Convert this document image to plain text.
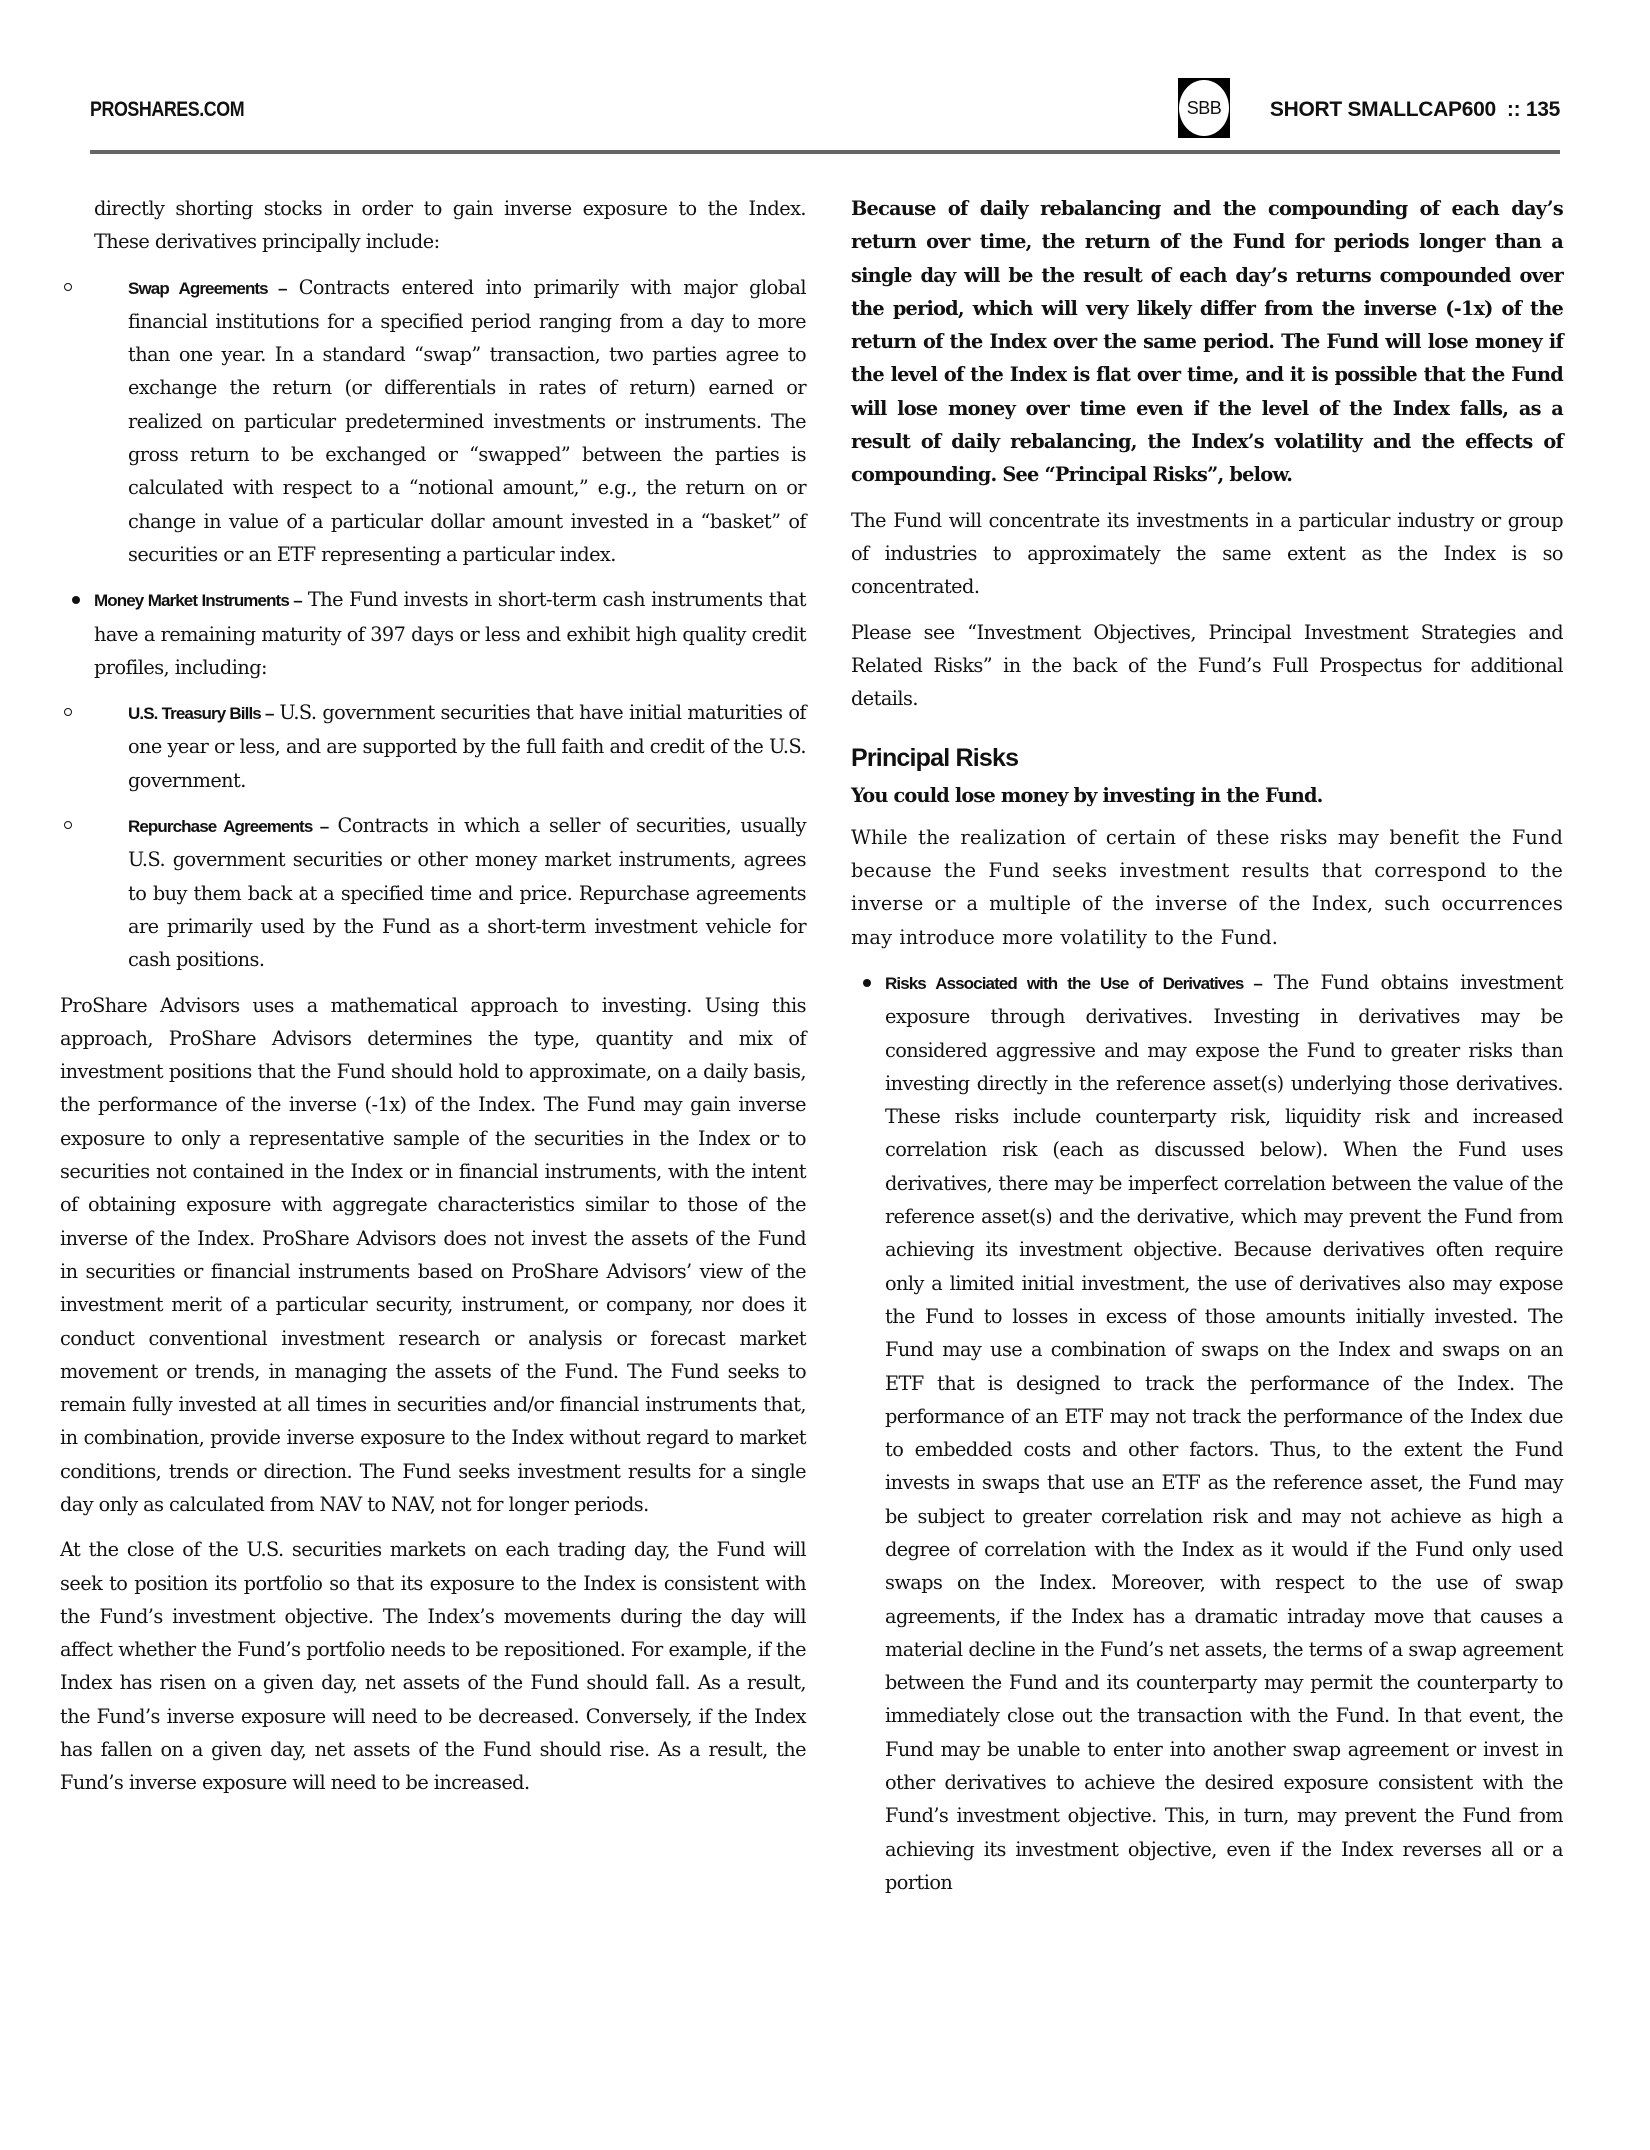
PROSHARES.COM	SBB	SHORT SMALLCAP600 :: 135

directly shorting stocks in order to gain inverse exposure to the Index. These derivatives principally include:

Swap Agreements – Contracts entered into primarily with major global financial institutions for a specified period ranging from a day to more than one year. In a standard “swap” transaction, two parties agree to exchange the return (or differentials in rates of return) earned or realized on particular predetermined investments or instruments. The gross return to be exchanged or “swapped” between the parties is calculated with respect to a “notional amount,” e.g., the return on or change in value of a particular dollar amount invested in a “basket” of securities or an ETF representing a particular index.
Money Market Instruments – The Fund invests in short-term cash instruments that have a remaining maturity of 397 days or less and exhibit high quality credit profiles, including:
U.S. Treasury Bills – U.S. government securities that have initial maturities of one year or less, and are supported by the full faith and credit of the U.S. government.
Repurchase Agreements – Contracts in which a seller of securities, usually U.S. government securities or other money market instruments, agrees to buy them back at a specified time and price. Repurchase agreements are primarily used by the Fund as a short-term investment vehicle for cash positions.

ProShare Advisors uses a mathematical approach to investing. Using this approach, ProShare Advisors determines the type, quantity and mix of investment positions that the Fund should hold to approximate, on a daily basis, the performance of the inverse (-1x) of the Index. The Fund may gain inverse exposure to only a representative sample of the securities in the Index or to securities not contained in the Index or in financial instruments, with the intent of obtaining exposure with aggregate characteristics similar to those of the inverse of the Index. ProShare Advisors does not invest the assets of the Fund in securities or financial instruments based on ProShare Advisors’ view of the investment merit of a particular security, instrument, or company, nor does it conduct conventional investment research or analysis or forecast market movement or trends, in managing the assets of the Fund. The Fund seeks to remain fully invested at all times in securities and/or financial instruments that, in combination, provide inverse exposure to the Index without regard to market conditions, trends or direction. The Fund seeks investment results for a single day only as calculated from NAV to NAV, not for longer periods.

At the close of the U.S. securities markets on each trading day, the Fund will seek to position its portfolio so that its exposure to the Index is consistent with the Fund’s investment objective. The Index’s movements during the day will affect whether the Fund’s portfolio needs to be repositioned. For example, if the Index has risen on a given day, net assets of the Fund should fall. As a result, the Fund’s inverse exposure will need to be decreased. Conversely, if the Index has fallen on a given day, net assets of the Fund should rise. As a result, the Fund’s inverse exposure will need to be increased.

Because of daily rebalancing and the compounding of each day’s return over time, the return of the Fund for periods longer than a single day will be the result of each day’s returns compounded over the period, which will very likely differ from the inverse (-1x) of the return of the Index over the same period. The Fund will lose money if the level of the Index is flat over time, and it is possible that the Fund will lose money over time even if the level of the Index falls, as a result of daily rebalancing, the Index’s volatility and the effects of compounding. See “Principal Risks”, below.

The Fund will concentrate its investments in a particular industry or group of industries to approximately the same extent as the Index is so concentrated.

Please see “Investment Objectives, Principal Investment Strategies and Related Risks” in the back of the Fund’s Full Prospectus for additional details.

Principal Risks

You could lose money by investing in the Fund.

While the realization of certain of these risks may benefit the Fund because the Fund seeks investment results that correspond to the inverse or a multiple of the inverse of the Index, such occurrences may introduce more volatility to the Fund.

Risks Associated with the Use of Derivatives – The Fund obtains investment exposure through derivatives. Investing in derivatives may be considered aggressive and may expose the Fund to greater risks than investing directly in the reference asset(s) underlying those derivatives. These risks include counterparty risk, liquidity risk and increased correlation risk (each as discussed below). When the Fund uses derivatives, there may be imperfect correlation between the value of the reference asset(s) and the derivative, which may prevent the Fund from achieving its investment objective. Because derivatives often require only a limited initial investment, the use of derivatives also may expose the Fund to losses in excess of those amounts initially invested. The Fund may use a combination of swaps on the Index and swaps on an ETF that is designed to track the performance of the Index. The performance of an ETF may not track the performance of the Index due to embedded costs and other factors. Thus, to the extent the Fund invests in swaps that use an ETF as the reference asset, the Fund may be subject to greater correlation risk and may not achieve as high a degree of correlation with the Index as it would if the Fund only used swaps on the Index. Moreover, with respect to the use of swap agreements, if the Index has a dramatic intraday move that causes a material decline in the Fund’s net assets, the terms of a swap agreement between the Fund and its counterparty may permit the counterparty to immediately close out the transaction with the Fund. In that event, the Fund may be unable to enter into another swap agreement or invest in other derivatives to achieve the desired exposure consistent with the Fund’s investment objective. This, in turn, may prevent the Fund from achieving its investment objective, even if the Index reverses all or a portion
